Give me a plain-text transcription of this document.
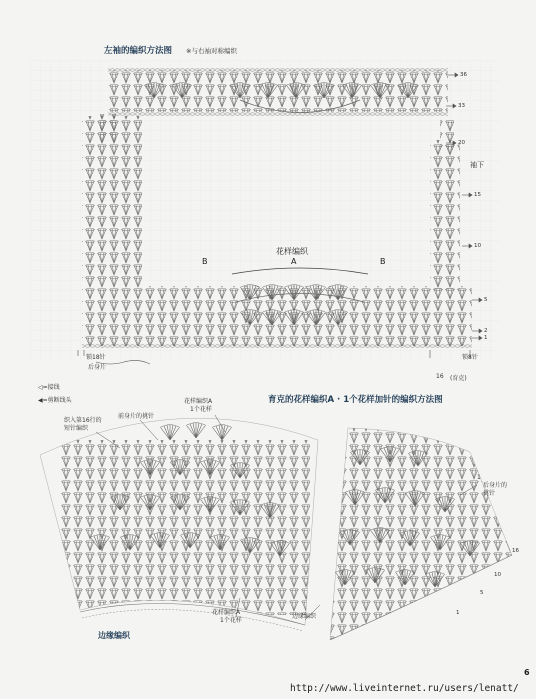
左袖的编织方法图 ※与右袖对称编织
花样编织
B	A	B
袖下
36
33
20
15
10
5
2
1
锁18针
后身片
锁8针
16 (育克)
◁=接线
◀=剪断线头	育克的花样编织A · 1个花样加针的编织方法图
织入第16行的
短针编织
前身片的挑针
花样编织A
1个花样
1
后身片的
挑针
花样编织A
1个花样
边缘编织
边缘编织
16
10
5
1
6
http://www.liveinternet.ru/users/lenatt/
